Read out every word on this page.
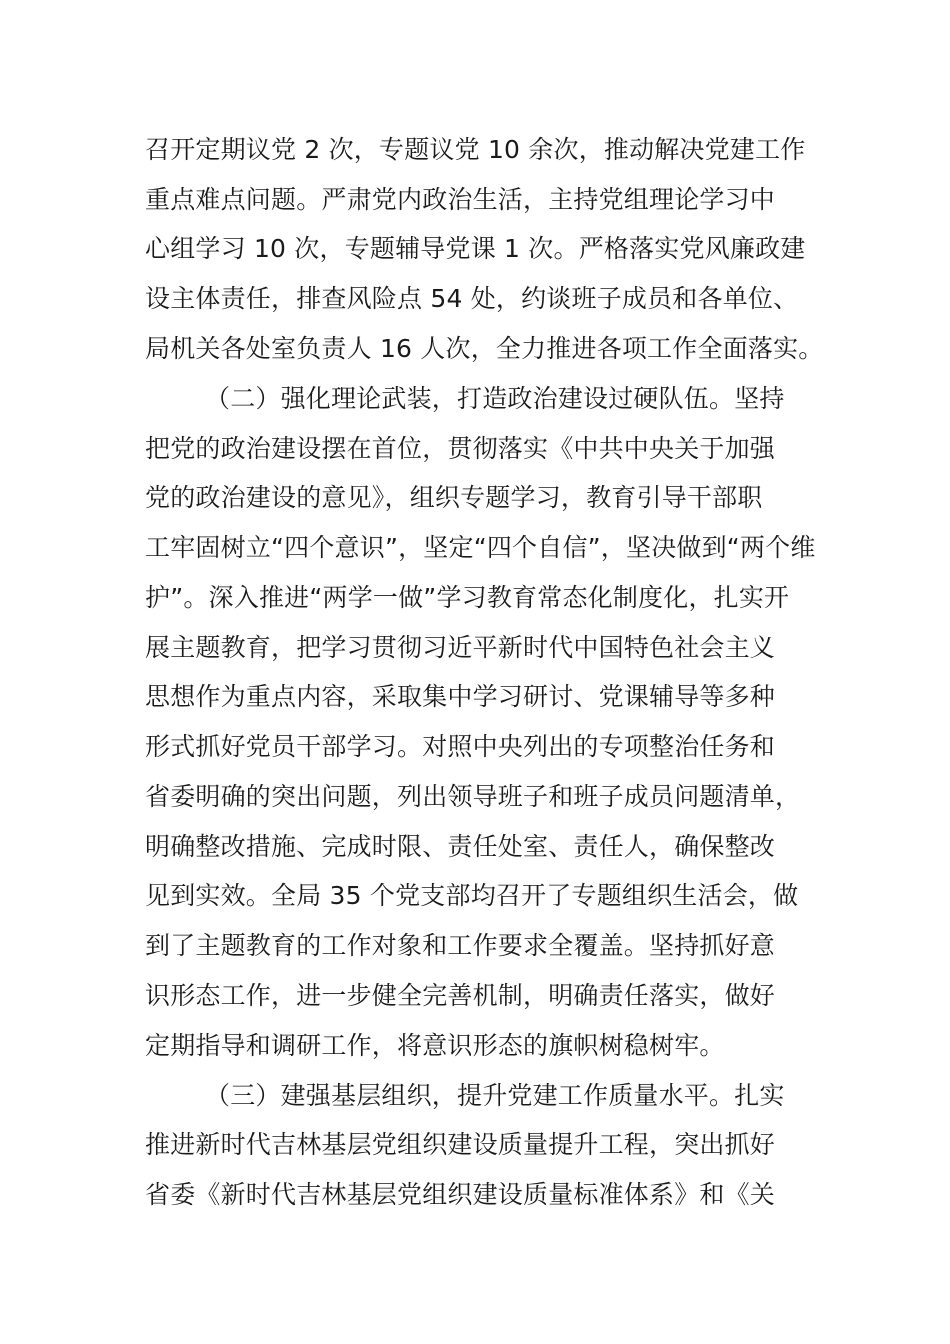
召开定期议党 2 次，专题议党 10 余次，推动解决党建工作
重点难点问题。严肃党内政治生活，主持党组理论学习中
心组学习 10 次，专题辅导党课 1 次。严格落实党风廉政建
设主体责任，排查风险点 54 处，约谈班子成员和各单位、
局机关各处室负责人 16 人次，全力推进各项工作全面落实。
（二）强化理论武装，打造政治建设过硬队伍。坚持
把党的政治建设摆在首位，贯彻落实《中共中央关于加强
党的政治建设的意见》，组织专题学习，教育引导干部职
工牢固树立“四个意识”，坚定“四个自信”，坚决做到“两个维
护”。深入推进“两学一做”学习教育常态化制度化，扎实开
展主题教育，把学习贯彻习近平新时代中国特色社会主义
思想作为重点内容，采取集中学习研讨、党课辅导等多种
形式抓好党员干部学习。对照中央列出的专项整治任务和
省委明确的突出问题，列出领导班子和班子成员问题清单，
明确整改措施、完成时限、责任处室、责任人，确保整改
见到实效。全局 35 个党支部均召开了专题组织生活会，做
到了主题教育的工作对象和工作要求全覆盖。坚持抓好意
识形态工作，进一步健全完善机制，明确责任落实，做好
定期指导和调研工作，将意识形态的旗帜树稳树牢。
（三）建强基层组织，提升党建工作质量水平。扎实
推进新时代吉林基层党组织建设质量提升工程，突出抓好
省委《新时代吉林基层党组织建设质量标准体系》和《关
